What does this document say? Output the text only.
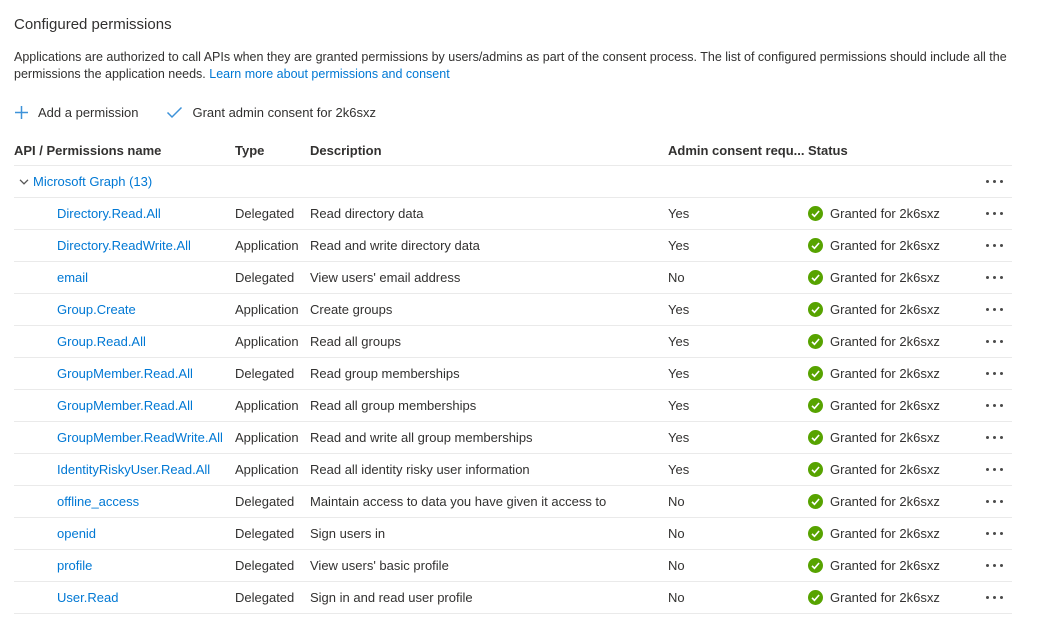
Configured permissions
Applications are authorized to call APIs when they are granted permissions by users/admins as part of the consent process. The list of configured permissions should include all the permissions the application needs. Learn more about permissions and consent
Add a permission	Grant admin consent for 2k6sxz
API / Permissions name	Type	Description	Admin consent requ... Status
Microsoft Graph (13)
Directory.Read.All	Delegated	Read directory data	Yes	Granted for 2k6sxz
Directory.ReadWrite.All	Application Read and write directory data	Yes	Granted for 2k6sxz
email	Delegated	View users' email address	No	Granted for 2k6sxz
Group.Create	Application Create groups	Yes	Granted for 2k6sxz
Group.Read.All	Application Read all groups	Yes	Granted for 2k6sxz
GroupMember.Read.All	Delegated	Read group memberships	Yes	Granted for 2k6sxz
GroupMember.Read.All	Application Read all group memberships	Yes	Granted for 2k6sxz
GroupMember.ReadWrite.All Application Read and write all group memberships	Yes	Granted for 2k6sxz
IdentityRiskyUser.Read.All	Application Read all identity risky user information	Yes	Granted for 2k6sxz
offline_access	Delegated	Maintain access to data you have given it access to	No	Granted for 2k6sxz
openid	Delegated	Sign users in	No	Granted for 2k6sxz
profile	Delegated	View users' basic profile	No	Granted for 2k6sxz
User.Read	Delegated	Sign in and read user profile	No	Granted for 2k6sxz
